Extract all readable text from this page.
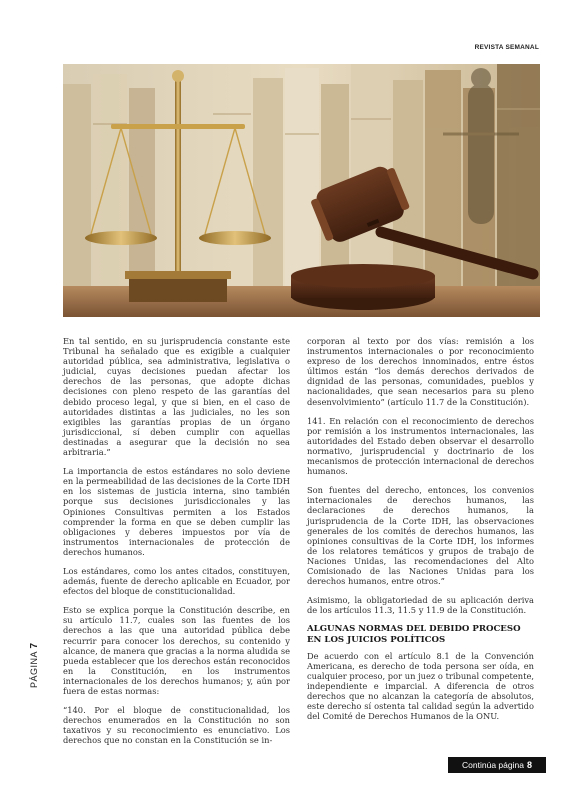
REVISTA SEMANAL

En tal sentido, en su jurisprudencia constante este Tribunal ha señalado que es exigible a cualquier autoridad pública, sea administrativa, legislativa o judicial, cuyas decisiones puedan afectar los derechos de las personas, que adopte dichas decisiones con pleno respeto de las garantías del debido proceso legal, y que si bien, en el caso de autoridades distintas a las judiciales, no les son exigibles las garantías propias de un órgano jurisdiccional, sí deben cumplir con aquellas destinadas a asegurar que la decisión no sea arbitraria.”

La importancia de estos estándares no solo deviene en la permeabilidad de las decisiones de la Corte IDH en los sistemas de justicia interna, sino también porque sus decisiones jurisdiccionales y las Opiniones Consultivas permiten a los Estados comprender la forma en que se deben cumplir las obligaciones y deberes impuestos por vía de instrumentos internacionales de protección de derechos humanos.

Los estándares, como los antes citados, constituyen, además, fuente de derecho aplicable en Ecuador, por efectos del bloque de constitucionalidad.

Esto se explica porque la Constitución describe, en su artículo 11.7, cuales son las fuentes de los derechos a las que una autoridad pública debe recurrir para conocer los derechos, su contenido y alcance, de manera que gracias a la norma aludida se pueda establecer que los derechos están reconocidos en la Constitución, en los instrumentos internacionales de los derechos humanos; y, aún por fuera de estas normas:

“140. Por el bloque de constitucionalidad, los derechos enumerados en la Constitución no son taxativos y su reconocimiento es enunciativo. Los derechos que no constan en la Constitución se in-

corporan al texto por dos vías: remisión a los instrumentos internacionales o por reconocimiento expreso de los derechos innominados, entre éstos últimos están “los demás derechos derivados de dignidad de las personas, comunidades, pueblos y nacionalidades, que sean necesarios para su pleno desenvolvimiento” (artículo 11.7 de la Constitución).

141. En relación con el reconocimiento de derechos por remisión a los instrumentos internacionales, las autoridades del Estado deben observar el desarrollo normativo, jurisprudencial y doctrinario de los mecanismos de protección internacional de derechos humanos.

Son fuentes del derecho, entonces, los convenios internacionales de derechos humanos, las declaraciones de derechos humanos, la jurisprudencia de la Corte IDH, las observaciones generales de los comités de derechos humanos, las opiniones consultivas de la Corte IDH, los informes de los relatores temáticos y grupos de trabajo de Naciones Unidas, las recomendaciones del Alto Comisionado de las Naciones Unidas para los derechos humanos, entre otros.”

Asimismo, la obligatoriedad de su aplicación deriva de los artículos 11.3, 11.5 y 11.9 de la Constitución.

ALGUNAS NORMAS DEL DEBIDO PROCESO EN LOS JUICIOS POLÍTICOS

De acuerdo con el artículo 8.1 de la Convención Americana, es derecho de toda persona ser oída, en cualquier proceso, por un juez o tribunal competente, independiente e imparcial. A diferencia de otros derechos que no alcanzan la categoría de absolutos, este derecho sí ostenta tal calidad según la advertido del Comité de Derechos Humanos de la ONU.

PÁGINA 7
Continúa página 8
